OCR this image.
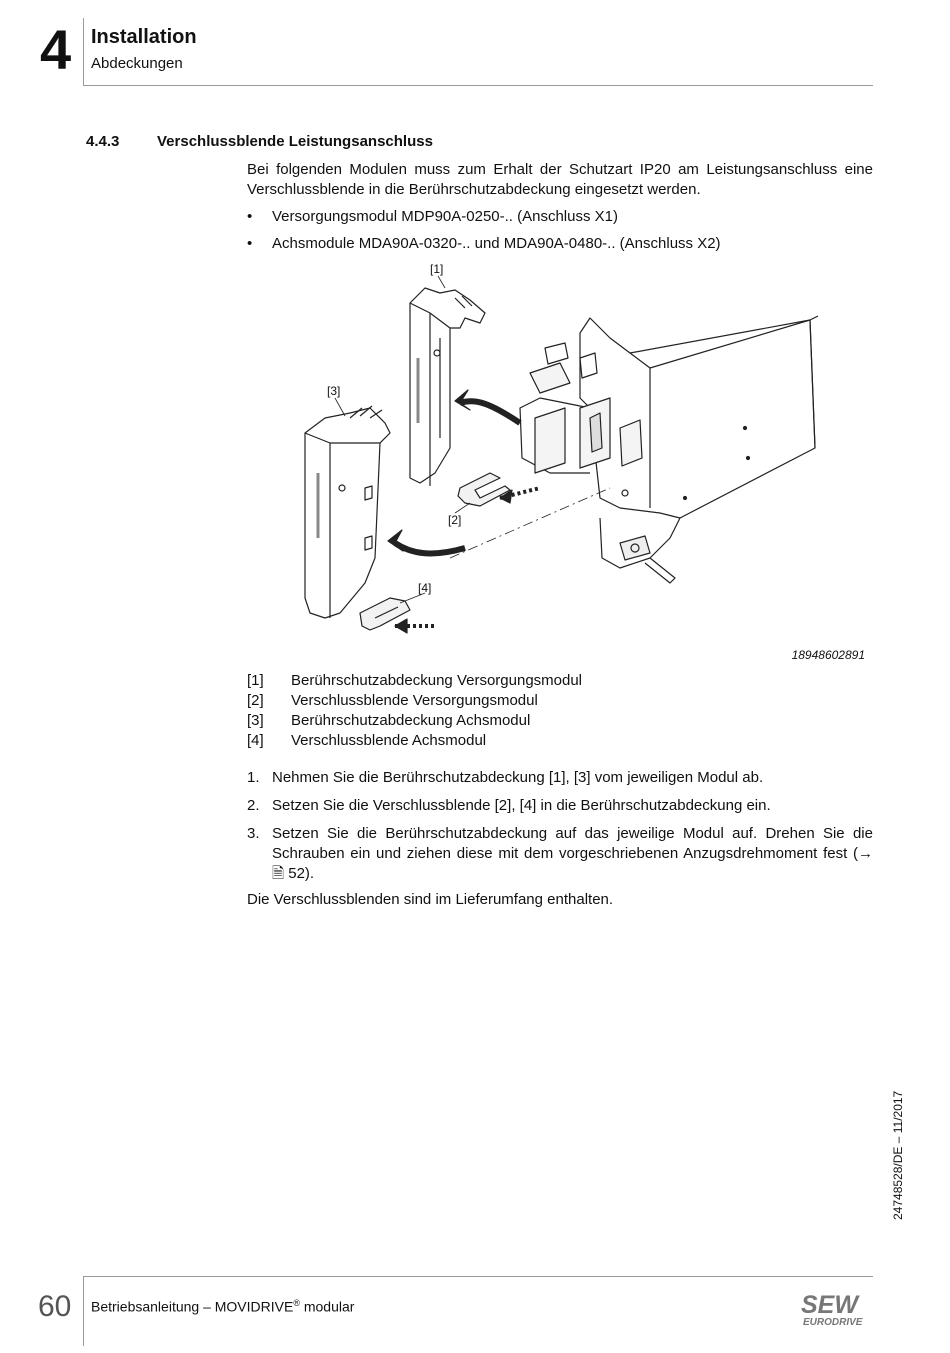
4 Installation
Abdeckungen
4.4.3	Verschlussblende Leistungsanschluss

Bei folgenden Modulen muss zum Erhalt der Schutzart IP20 am Leistungsanschluss eine Verschlussblende in die Berührschutzabdeckung eingesetzt werden.

• Versorgungsmodul MDP90A-0250-.. (Anschluss X1)
• Achsmodule MDA90A-0320-.. und MDA90A-0480-.. (Anschluss X2)
[1]
[2]
[3]
[4]
18948602891
[1]	Berührschutzabdeckung Versorgungsmodul
[2]	Verschlussblende Versorgungsmodul
[3]	Berührschutzabdeckung Achsmodul
[4]	Verschlussblende Achsmodul
1. Nehmen Sie die Berührschutzabdeckung [1], [3] vom jeweiligen Modul ab.
2. Setzen Sie die Verschlussblende [2], [4] in die Berührschutzabdeckung ein.
3. Setzen Sie die Berührschutzabdeckung auf das jeweilige Modul auf. Drehen Sie die Schrauben ein und ziehen diese mit dem vorgeschriebenen Anzugsdrehmoment fest (→ 🗎 52).

Die Verschlussblenden sind im Lieferumfang enthalten.

24748528/DE – 11/2017
60 Betriebsanleitung – MOVIDRIVE® modular	SEW
EURODRIVE
